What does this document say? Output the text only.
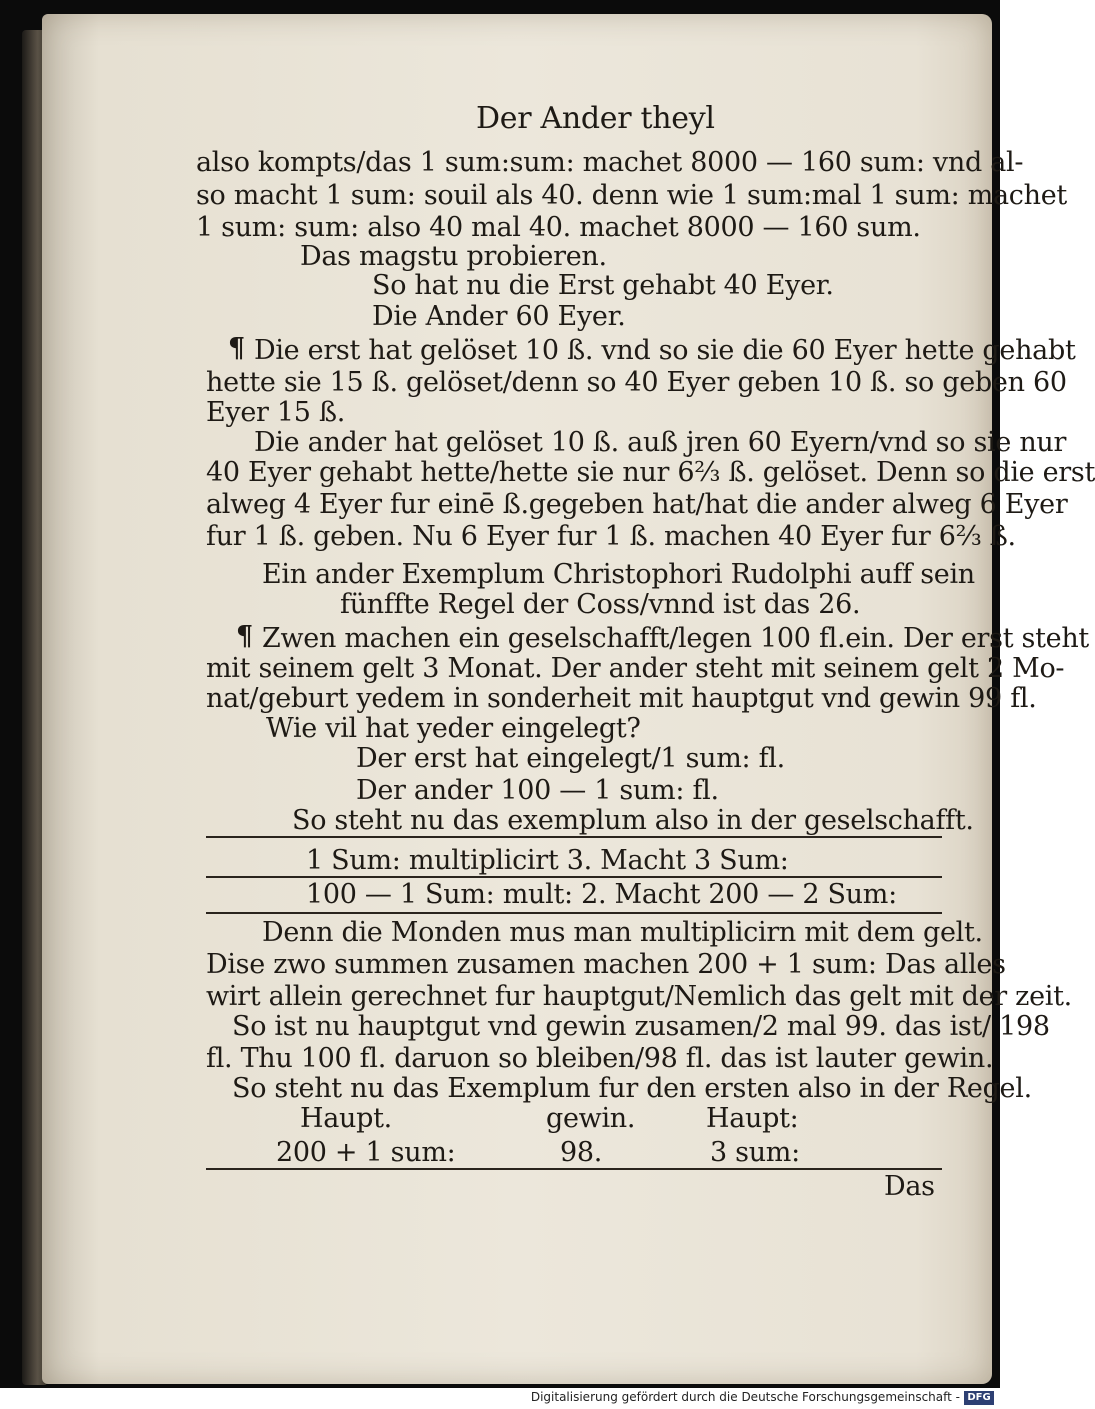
Der Ander theyl
also kompts/das 1 sum:sum: machet 8000 — 160 sum: vnd al-
so macht 1 sum: souil als 40. denn wie 1 sum:mal 1 sum: machet
1 sum: sum: also 40 mal 40. machet 8000 — 160 sum.
Das magstu probieren.
So hat nu die Erst gehabt 40 Eyer.
Die Ander 60 Eyer.
¶ Die erst hat gelöset 10 ß. vnd so sie die 60 Eyer hette gehabt
hette sie 15 ß. gelöset/denn so 40 Eyer geben 10 ß. so geben 60
Eyer 15 ß.
Die ander hat gelöset 10 ß. auß jren 60 Eyern/vnd so sie nur
40 Eyer gehabt hette/hette sie nur 6⅔ ß. gelöset. Denn so die erst
alweg 4 Eyer fur einē ß.gegeben hat/hat die ander alweg 6 Eyer
fur 1 ß. geben. Nu 6 Eyer fur 1 ß. machen 40 Eyer fur 6⅔ ß.
Ein ander Exemplum Christophori Rudolphi auff sein
fünffte Regel der Coss/vnnd ist das 26.
¶ Zwen machen ein geselschafft/legen 100 fl.ein. Der erst steht
mit seinem gelt 3 Monat. Der ander steht mit seinem gelt 2 Mo-
nat/geburt yedem in sonderheit mit hauptgut vnd gewin 99 fl.
Wie vil hat yeder eingelegt?
Der erst hat eingelegt/1 sum: fl.
Der ander 100 — 1 sum: fl.
So steht nu das exemplum also in der geselschafft.
1 Sum: multiplicirt 3. Macht 3 Sum:
100 — 1 Sum: mult: 2. Macht 200 — 2 Sum:
Denn die Monden mus man multiplicirn mit dem gelt.
Dise zwo summen zusamen machen 200 + 1 sum: Das alles
wirt allein gerechnet fur hauptgut/Nemlich das gelt mit der zeit.
So ist nu hauptgut vnd gewin zusamen/2 mal 99. das ist/ 198
fl. Thu 100 fl. daruon so bleiben/98 fl. das ist lauter gewin.
So steht nu das Exemplum fur den ersten also in der Regel.
Haupt.	gewin.	Haupt:
200 + 1 sum:	98.	3 sum:
Das
Digitalisierung gefördert durch die Deutsche Forschungsgemeinschaft - DFG
